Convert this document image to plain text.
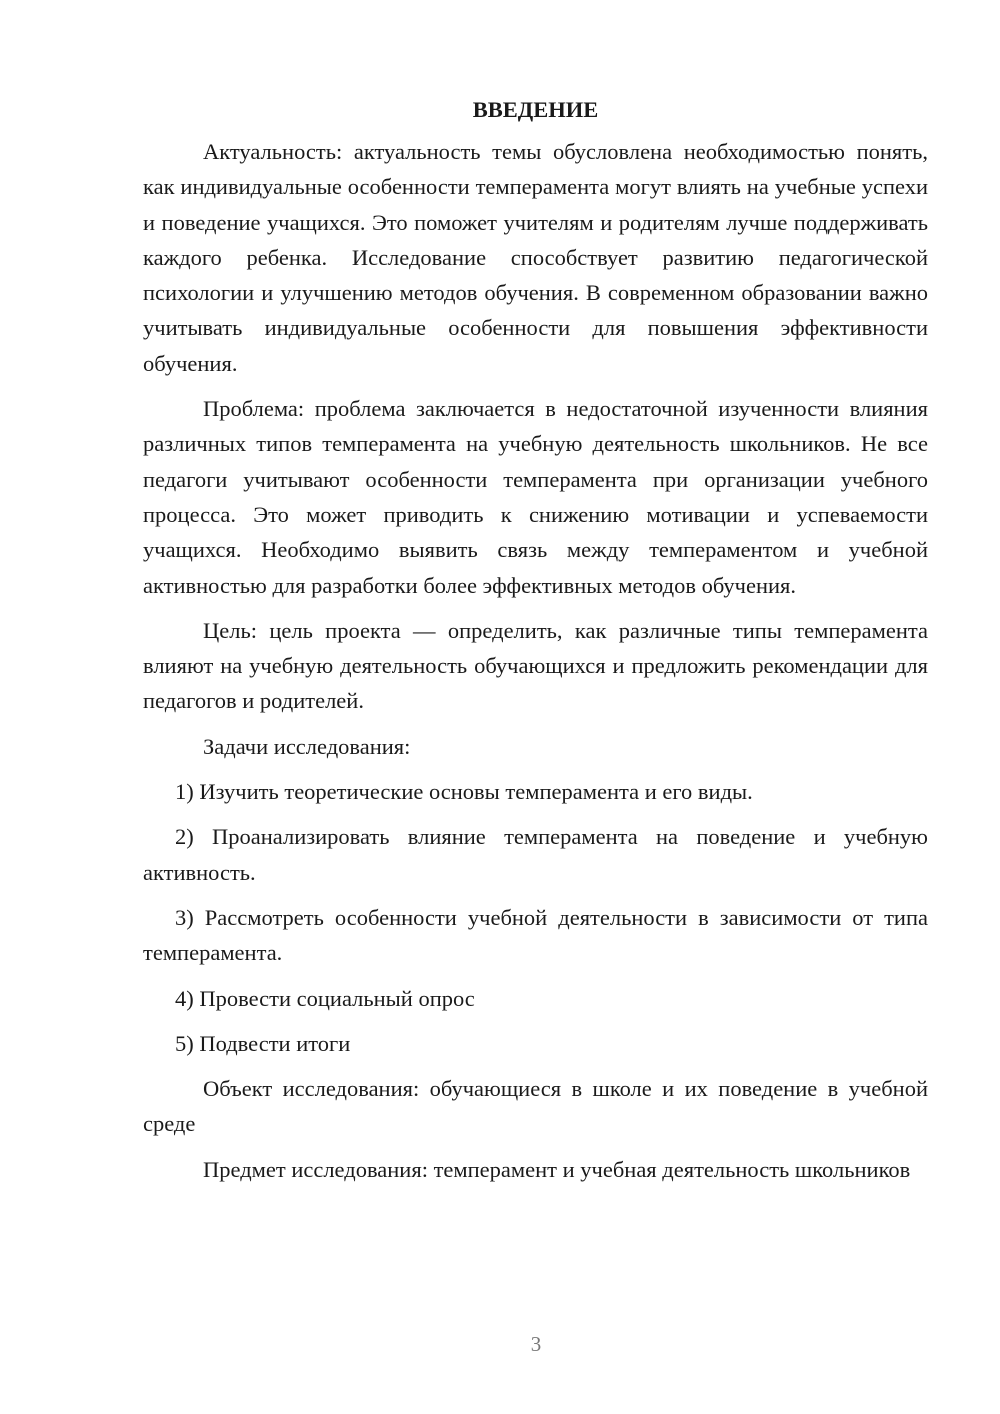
ВВЕДЕНИЕ

Актуальность: актуальность темы обусловлена необходимостью понять, как индивидуальные особенности темперамента могут влиять на учебные успехи и поведение учащихся. Это поможет учителям и родителям лучше поддерживать каждого ребенка. Исследование способствует развитию педагогической психологии и улучшению методов обучения. В современном образовании важно учитывать индивидуальные особенности для повышения эффективности обучения.

Проблема: проблема заключается в недостаточной изученности влияния различных типов темперамента на учебную деятельность школьников. Не все педагоги учитывают особенности темперамента при организации учебного процесса. Это может приводить к снижению мотивации и успеваемости учащихся. Необходимо выявить связь между темпераментом и учебной активностью для разработки более эффективных методов обучения.

Цель: цель проекта — определить, как различные типы темперамента влияют на учебную деятельность обучающихся и предложить рекомендации для педагогов и родителей.

Задачи исследования:

1) Изучить теоретические основы темперамента и его виды.

2) Проанализировать влияние темперамента на поведение и учебную активность.

3) Рассмотреть особенности учебной деятельности в зависимости от типа темперамента.

4) Провести социальный опрос

5) Подвести итоги

Объект исследования: обучающиеся в школе и их поведение в учебной среде

Предмет исследования: темперамент и учебная деятельность школьников

3
